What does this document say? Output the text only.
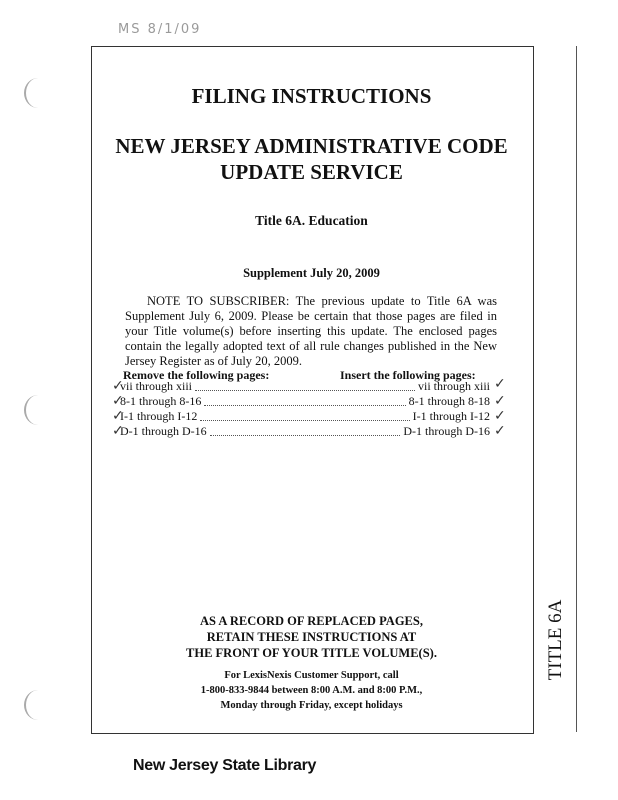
MS 8/1/09
FILING INSTRUCTIONS
NEW JERSEY ADMINISTRATIVE CODE
UPDATE SERVICE
Title 6A. Education
Supplement July 20, 2009
NOTE TO SUBSCRIBER: The previous update to Title 6A was Supplement July 6, 2009. Please be certain that those pages are filed in your Title volume(s) before inserting this update. The enclosed pages contain the legally adopted text of all rule changes published in the New Jersey Register as of July 20, 2009.
Remove the following pages:	Insert the following pages:
vii through xiii	vii through xiii
8-1 through 8-16	8-1 through 8-18
I-1 through I-12	I-1 through I-12
D-1 through D-16	D-1 through D-16
✓
✓
✓
✓
✓
✓
✓
✓
AS A RECORD OF REPLACED PAGES,
RETAIN THESE INSTRUCTIONS AT
THE FRONT OF YOUR TITLE VOLUME(S).
For LexisNexis Customer Support, call
1-800-833-9844 between 8:00 A.M. and 8:00 P.M.,
Monday through Friday, except holidays
TITLE 6A
New Jersey State Library
